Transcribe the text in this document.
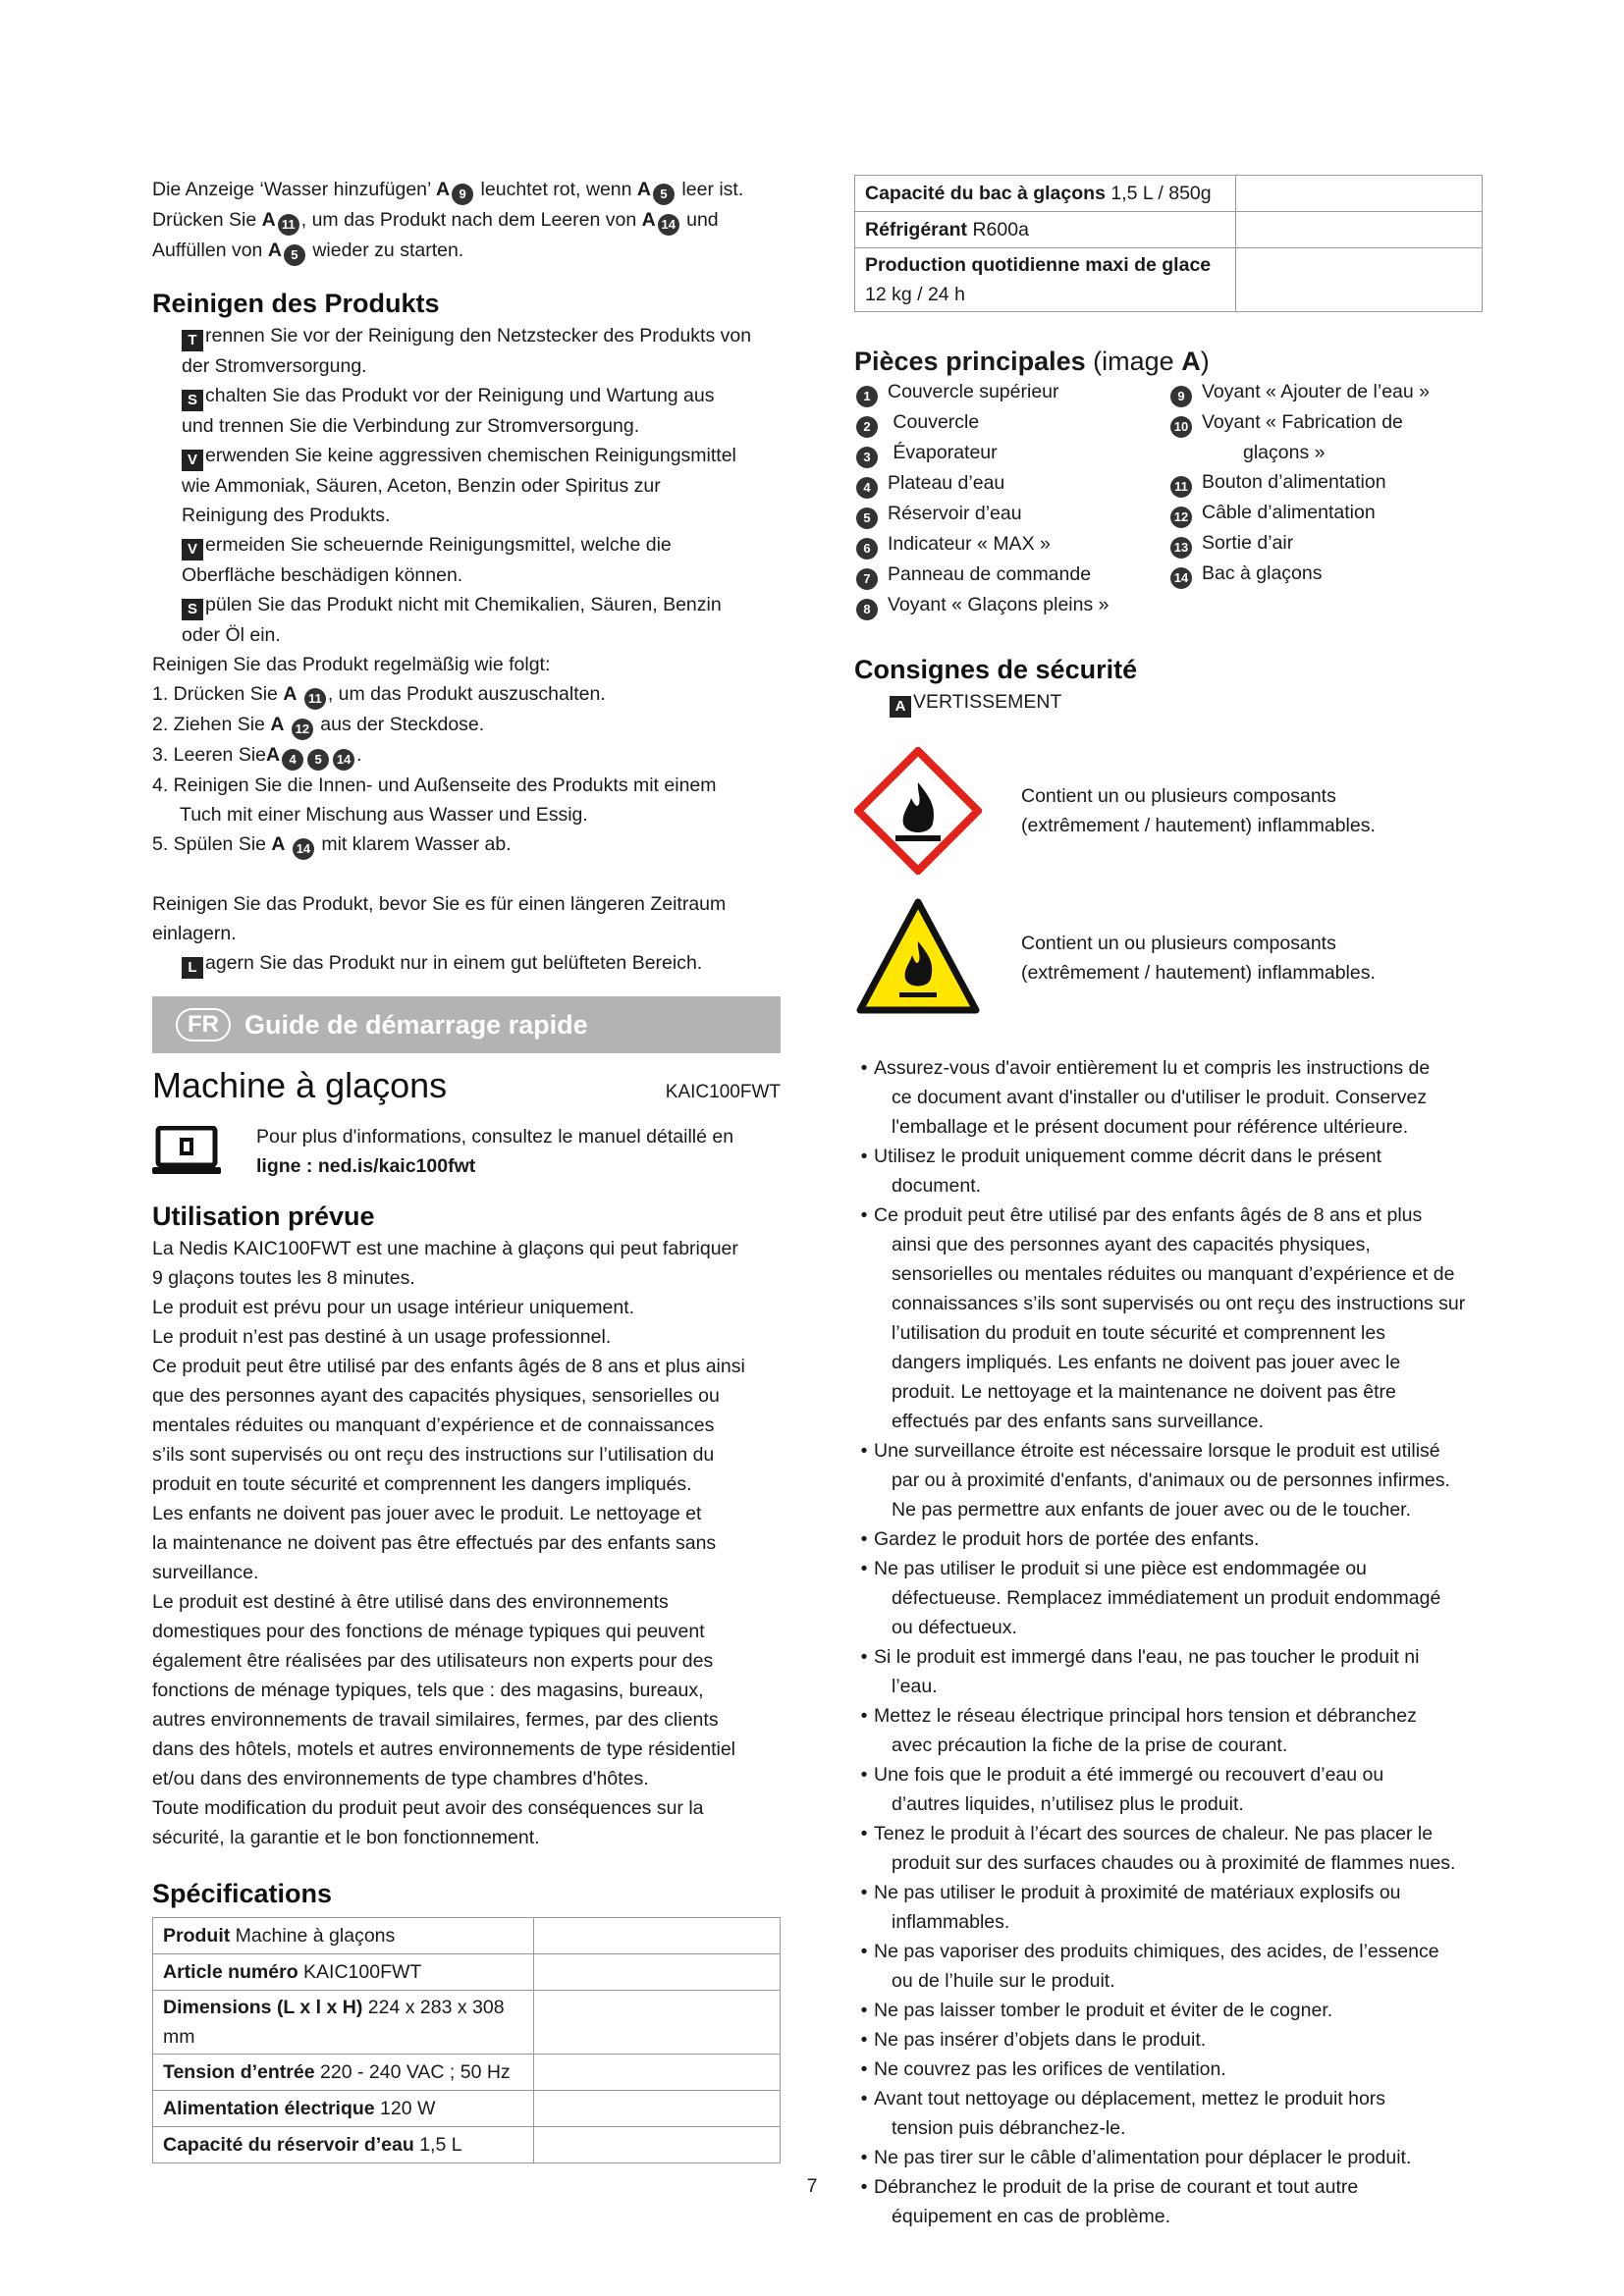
Die Anzeige ‘Wasser hinzufügen’ A 9 leuchtet rot, wenn A 5 leer ist.

Drücken Sie A 11 , um das Produkt nach dem Leeren von A 14 und

Auffüllen von A 5 wieder zu starten.

Reinigen des Produkts

T rennen Sie vor der Reinigung den Netzstecker des Produkts von

der Stromversorgung.

S chalten Sie das Produkt vor der Reinigung und Wartung aus

und trennen Sie die Verbindung zur Stromversorgung.

V erwenden Sie keine aggressiven chemischen Reinigungsmittel

wie Ammoniak, Säuren, Aceton, Benzin oder Spiritus zur

Reinigung des Produkts.

V ermeiden Sie scheuernde Reinigungsmittel, welche die

Oberfläche beschädigen können.

S pülen Sie das Produkt nicht mit Chemikalien, Säuren, Benzin

oder Öl ein.

Reinigen Sie das Produkt regelmäßig wie folgt:

1. Drücken Sie A 11 , um das Produkt auszuschalten.

2. Ziehen Sie A 12 aus der Steckdose.

3. Leeren SieA 4 5 14 .

4. Reinigen Sie die Innen- und Außenseite des Produkts mit einem

Tuch mit einer Mischung aus Wasser und Essig.

5. Spülen Sie A 14 mit klarem Wasser ab.

Reinigen Sie das Produkt, bevor Sie es für einen längeren Zeitraum

einlagern.

L agern Sie das Produkt nur in einem gut belüfteten Bereich.

FR Guide de démarrage rapide
Machine à glaçons	KAIC100FWT

Pour plus d'informations, consultez le manuel détaillé en

ligne : ned.is/kaic100fwt

Utilisation prévue

La Nedis KAIC100FWT est une machine à glaçons qui peut fabriquer

9 glaçons toutes les 8 minutes.

Le produit est prévu pour un usage intérieur uniquement.

Le produit n’est pas destiné à un usage professionnel.

Ce produit peut être utilisé par des enfants âgés de 8 ans et plus ainsi

que des personnes ayant des capacités physiques, sensorielles ou

mentales réduites ou manquant d’expérience et de connaissances

s’ils sont supervisés ou ont reçu des instructions sur l’utilisation du

produit en toute sécurité et comprennent les dangers impliqués.

Les enfants ne doivent pas jouer avec le produit. Le nettoyage et

la maintenance ne doivent pas être effectués par des enfants sans

surveillance.

Le produit est destiné à être utilisé dans des environnements

domestiques pour des fonctions de ménage typiques qui peuvent

également être réalisées par des utilisateurs non experts pour des

fonctions de ménage typiques, tels que : des magasins, bureaux,

autres environnements de travail similaires, fermes, par des clients

dans des hôtels, motels et autres environnements de type résidentiel

et/ou dans des environnements de type chambres d'hôtes.

Toute modification du produit peut avoir des conséquences sur la

sécurité, la garantie et le bon fonctionnement.

Spécifications

Produit Machine à glaçons	
Article numéro KAIC100FWT	
Dimensions (L x l x H) 224 x 283 x 308 mm	
Tension d’entrée 220 - 240 VAC ; 50 Hz	
Alimentation électrique 120 W	
Capacité du réservoir d’eau 1,5 L	
Capacité du bac à glaçons 1,5 L / 850g	
Réfrigérant R600a	
Production quotidienne maxi de glace 12 kg / 24 h	

Pièces principales (image A)

1 Couvercle supérieur

2 Couvercle

3 Évaporateur

4 Plateau d’eau

5 Réservoir d’eau

6 Indicateur « MAX »

7 Panneau de commande

8 Voyant « Glaçons pleins »

9 Voyant « Ajouter de l’eau »

10 Voyant « Fabrication de

glaçons »

11 Bouton d’alimentation

12 Câble d’alimentation

13 Sortie d’air

14 Bac à glaçons

Consignes de sécurité

A VERTISSEMENT

Contient un ou plusieurs composants

(extrêmement / hautement) inflammables.

Contient un ou plusieurs composants

(extrêmement / hautement) inflammables.

• Assurez-vous d'avoir entièrement lu et compris les instructions de

ce document avant d'installer ou d'utiliser le produit. Conservez

l'emballage et le présent document pour référence ultérieure.

• Utilisez le produit uniquement comme décrit dans le présent

document.

• Ce produit peut être utilisé par des enfants âgés de 8 ans et plus

ainsi que des personnes ayant des capacités physiques,

sensorielles ou mentales réduites ou manquant d’expérience et de

connaissances s’ils sont supervisés ou ont reçu des instructions sur

l’utilisation du produit en toute sécurité et comprennent les

dangers impliqués. Les enfants ne doivent pas jouer avec le

produit. Le nettoyage et la maintenance ne doivent pas être

effectués par des enfants sans surveillance.

• Une surveillance étroite est nécessaire lorsque le produit est utilisé

par ou à proximité d'enfants, d'animaux ou de personnes infirmes.

Ne pas permettre aux enfants de jouer avec ou de le toucher.

• Gardez le produit hors de portée des enfants.

• Ne pas utiliser le produit si une pièce est endommagée ou

défectueuse. Remplacez immédiatement un produit endommagé

ou défectueux.

• Si le produit est immergé dans l'eau, ne pas toucher le produit ni

l’eau.

• Mettez le réseau électrique principal hors tension et débranchez

avec précaution la fiche de la prise de courant.

• Une fois que le produit a été immergé ou recouvert d’eau ou

d’autres liquides, n’utilisez plus le produit.

• Tenez le produit à l’écart des sources de chaleur. Ne pas placer le

produit sur des surfaces chaudes ou à proximité de flammes nues.

• Ne pas utiliser le produit à proximité de matériaux explosifs ou

inflammables.

• Ne pas vaporiser des produits chimiques, des acides, de l’essence

ou de l’huile sur le produit.

• Ne pas laisser tomber le produit et éviter de le cogner.

• Ne pas insérer d’objets dans le produit.

• Ne couvrez pas les orifices de ventilation.

• Avant tout nettoyage ou déplacement, mettez le produit hors

tension puis débranchez-le.

• Ne pas tirer sur le câble d’alimentation pour déplacer le produit.

• Débranchez le produit de la prise de courant et tout autre

équipement en cas de problème.

7
